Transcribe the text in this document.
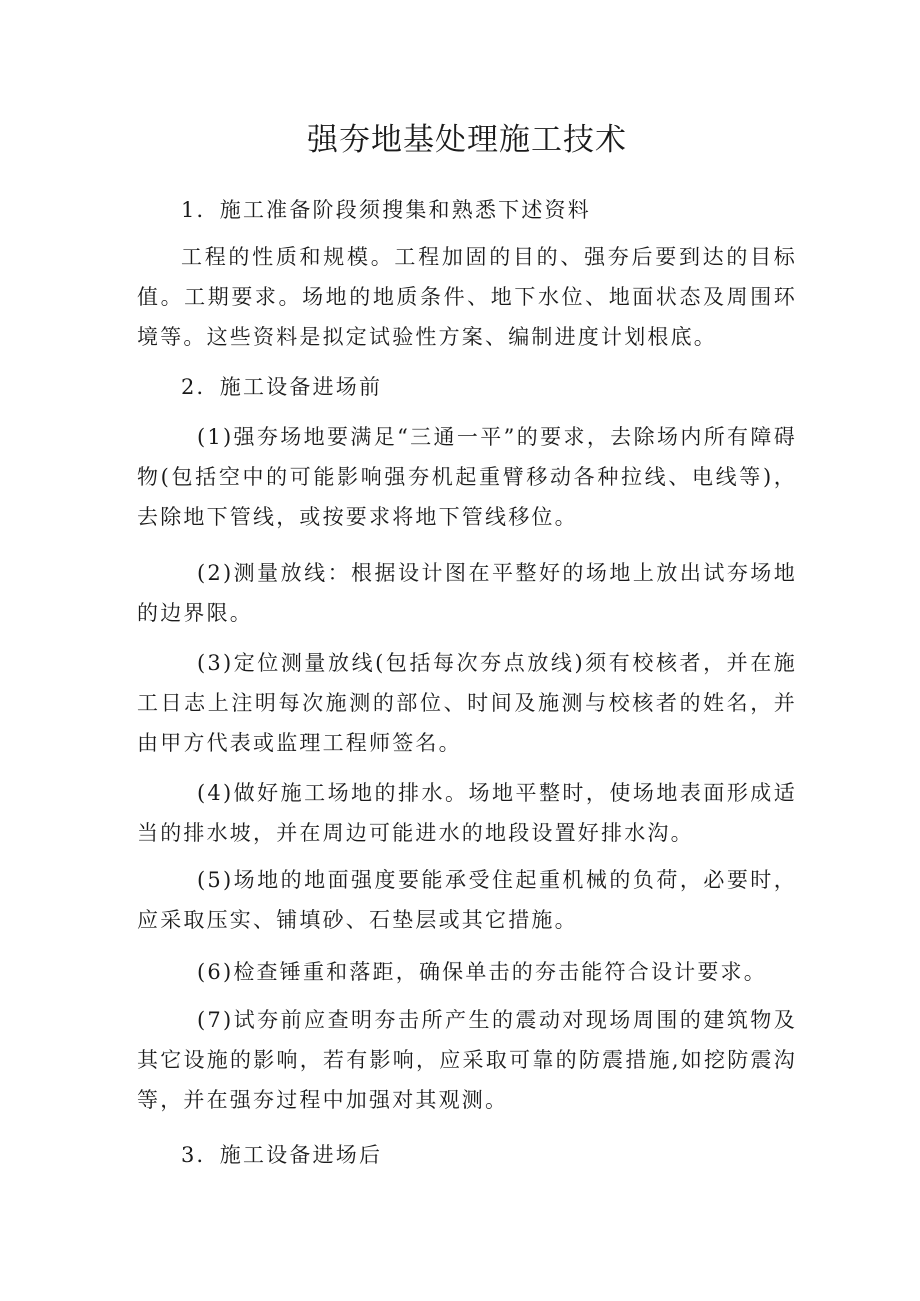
强夯地基处理施工技术

1．施工准备阶段须搜集和熟悉下述资料

工程的性质和规模。工程加固的目的、强夯后要到达的目标值。工期要求。场地的地质条件、地下水位、地面状态及周围环境等。这些资料是拟定试验性方案、编制进度计划根底。

2．施工设备进场前

(1)强夯场地要满足“三通一平”的要求，去除场内所有障碍物(包括空中的可能影响强夯机起重臂移动各种拉线、电线等)，去除地下管线，或按要求将地下管线移位。

(2)测量放线：根据设计图在平整好的场地上放出试夯场地的边界限。

(3)定位测量放线(包括每次夯点放线)须有校核者，并在施工日志上注明每次施测的部位、时间及施测与校核者的姓名，并由甲方代表或监理工程师签名。

(4)做好施工场地的排水。场地平整时，使场地表面形成适当的排水坡，并在周边可能进水的地段设置好排水沟。

(5)场地的地面强度要能承受住起重机械的负荷，必要时，应采取压实、铺填砂、石垫层或其它措施。

(6)检查锤重和落距，确保单击的夯击能符合设计要求。

(7)试夯前应查明夯击所产生的震动对现场周围的建筑物及其它设施的影响，若有影响，应采取可靠的防震措施,如挖防震沟等，并在强夯过程中加强对其观测。

3．施工设备进场后
